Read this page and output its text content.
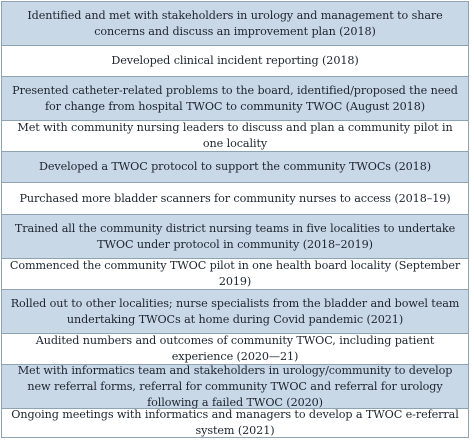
Identified and met with stakeholders in urology and management to share concerns and discuss an improvement plan (2018)
Developed clinical incident reporting (2018)
Presented catheter-related problems to the board, identified/proposed the need for change from hospital TWOC to community TWOC (August 2018)
Met with community nursing leaders to discuss and plan a community pilot in one locality
Developed a TWOC protocol to support the community TWOCs (2018)
Purchased more bladder scanners for community nurses to access (2018–19)
Trained all the community district nursing teams in five localities to undertake TWOC under protocol in community (2018–2019)
Commenced the community TWOC pilot in one health board locality (September 2019)
Rolled out to other localities; nurse specialists from the bladder and bowel team undertaking TWOCs at home during Covid pandemic (2021)
Audited numbers and outcomes of community TWOC, including patient experience (2020—21)
Met with informatics team and stakeholders in urology/community to develop new referral forms, referral for community TWOC and referral for urology following a failed TWOC (2020)
Ongoing meetings with informatics and managers to develop a TWOC e-referral system (2021)
